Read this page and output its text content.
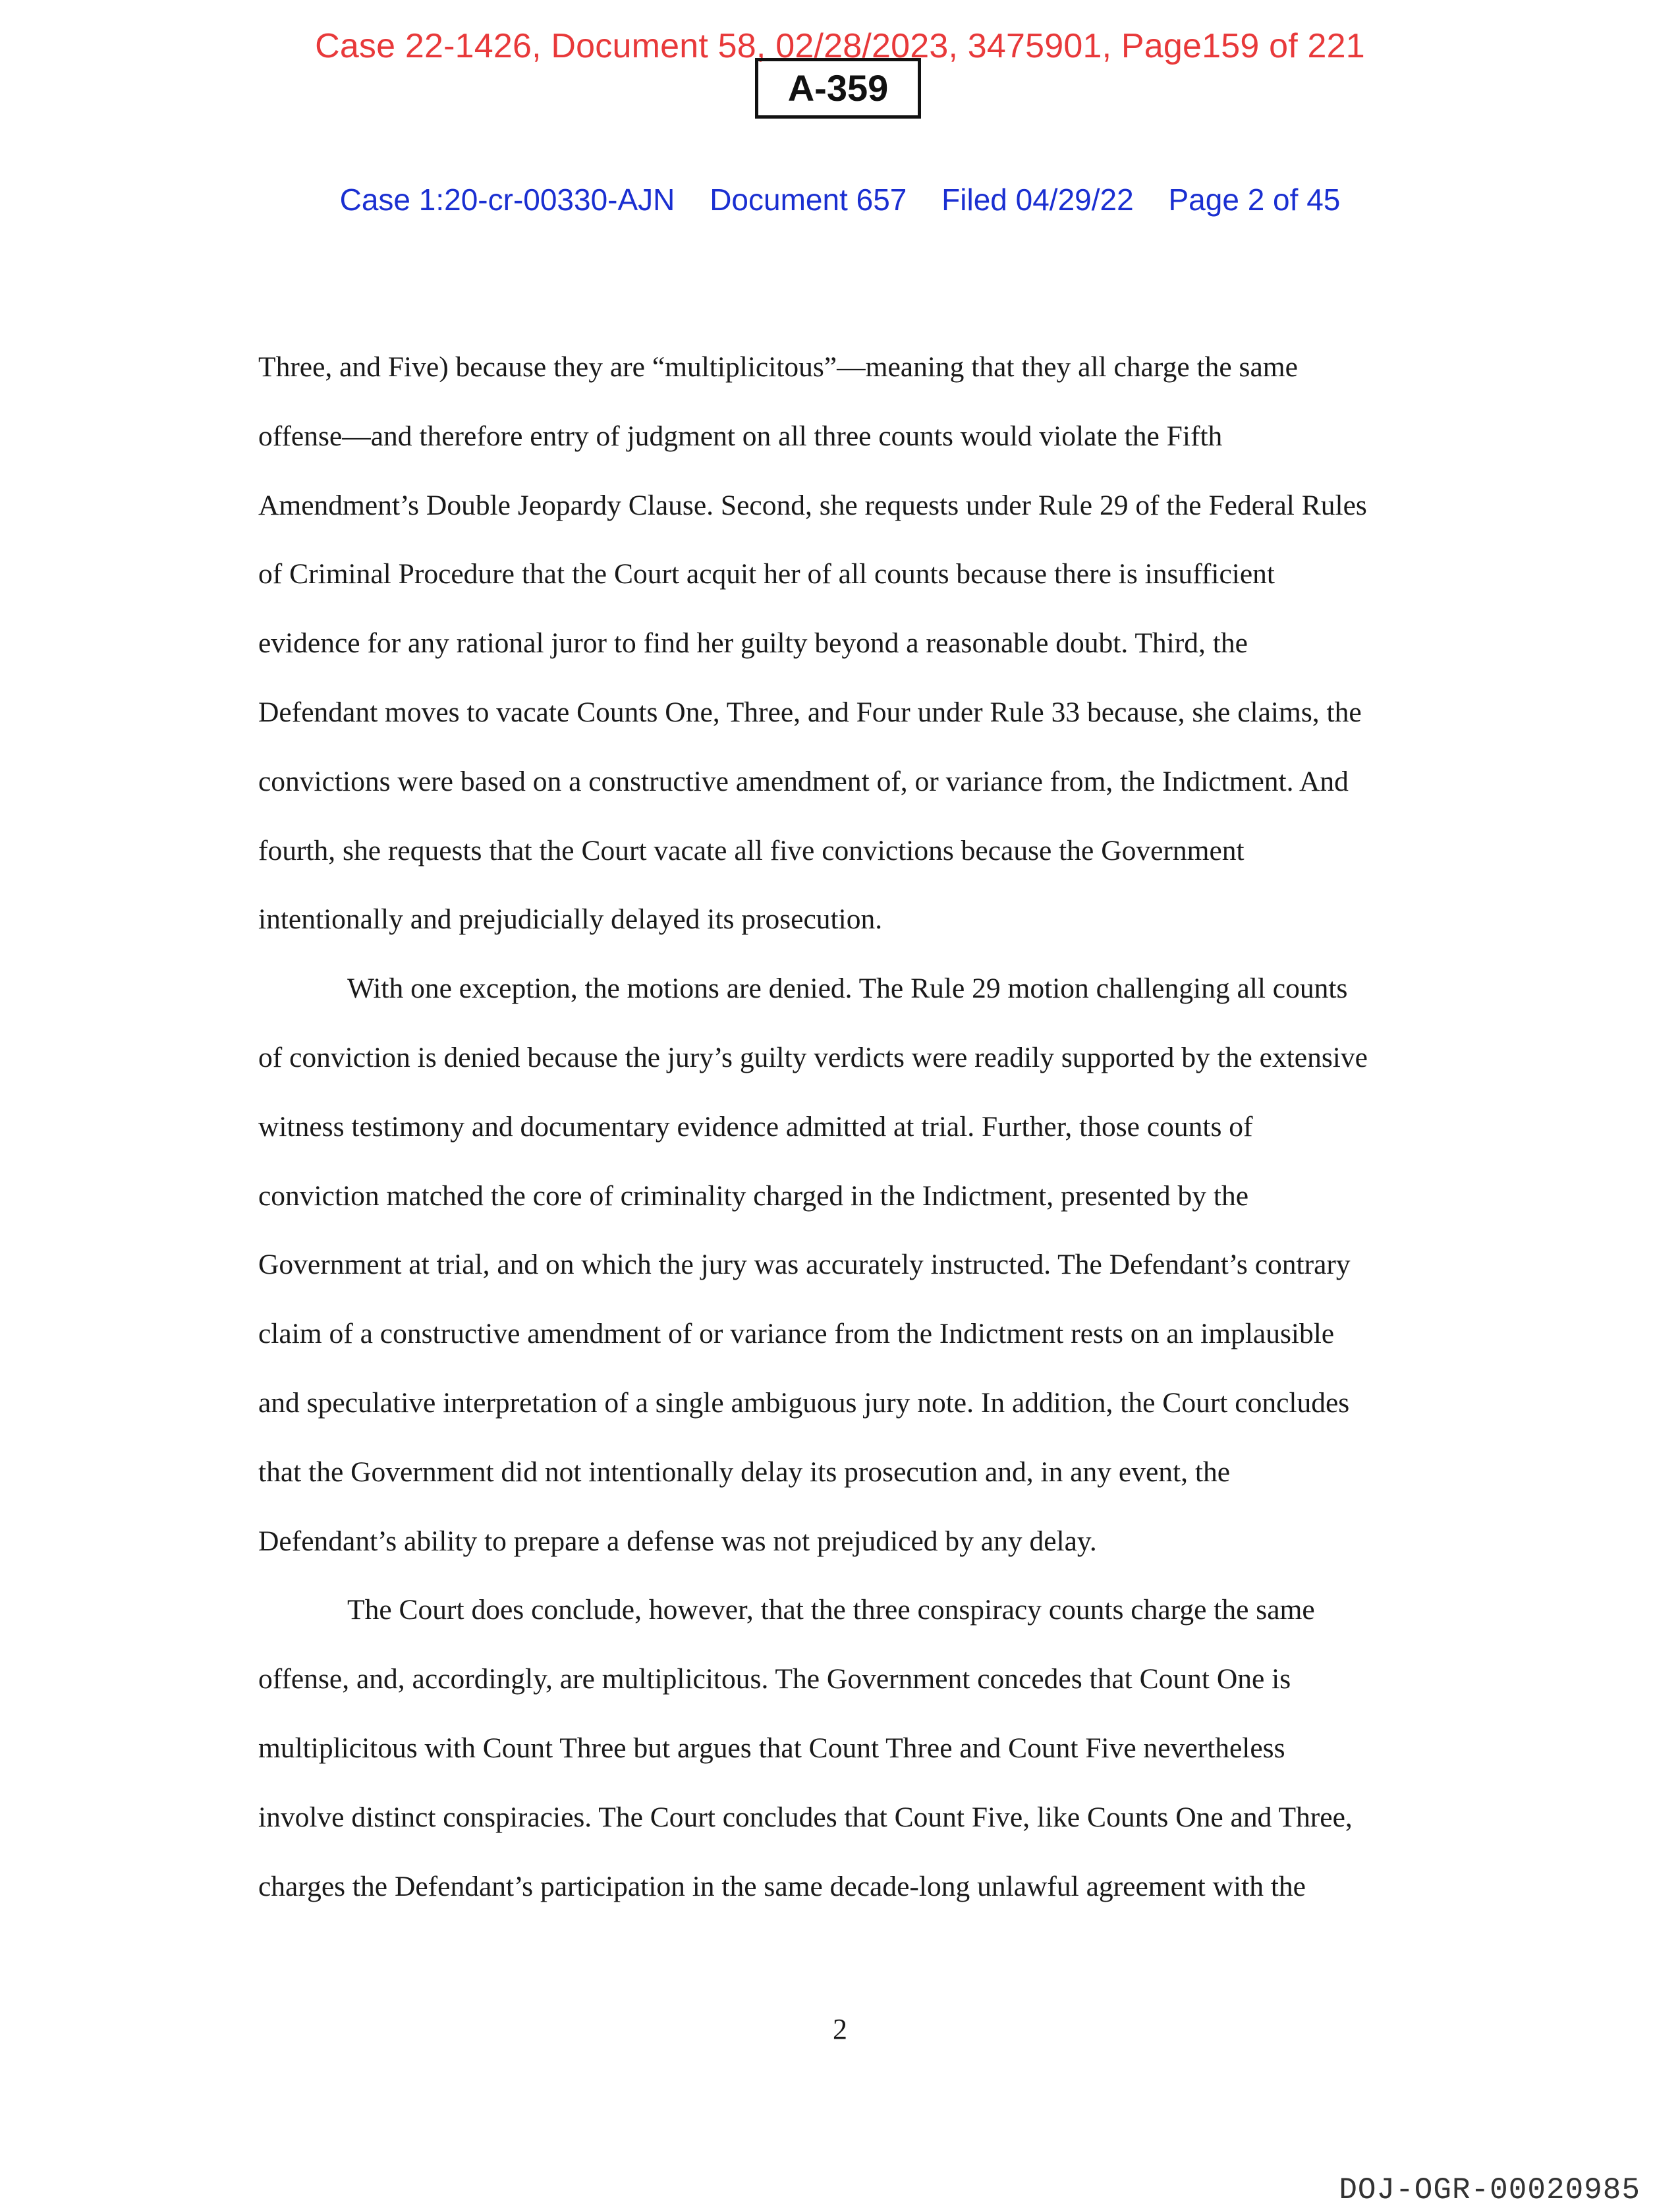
Case 22-1426, Document 58, 02/28/2023, 3475901, Page159 of 221
A-359
Case 1:20-cr-00330-AJN Document 657 Filed 04/29/22 Page 2 of 45

Three, and Five) because they are “multiplicitous”—meaning that they all charge the same
offense—and therefore entry of judgment on all three counts would violate the Fifth
Amendment’s Double Jeopardy Clause. Second, she requests under Rule 29 of the Federal Rules
of Criminal Procedure that the Court acquit her of all counts because there is insufficient
evidence for any rational juror to find her guilty beyond a reasonable doubt. Third, the
Defendant moves to vacate Counts One, Three, and Four under Rule 33 because, she claims, the
convictions were based on a constructive amendment of, or variance from, the Indictment. And
fourth, she requests that the Court vacate all five convictions because the Government
intentionally and prejudicially delayed its prosecution.

With one exception, the motions are denied. The Rule 29 motion challenging all counts
of conviction is denied because the jury’s guilty verdicts were readily supported by the extensive
witness testimony and documentary evidence admitted at trial. Further, those counts of
conviction matched the core of criminality charged in the Indictment, presented by the
Government at trial, and on which the jury was accurately instructed. The Defendant’s contrary
claim of a constructive amendment of or variance from the Indictment rests on an implausible
and speculative interpretation of a single ambiguous jury note. In addition, the Court concludes
that the Government did not intentionally delay its prosecution and, in any event, the
Defendant’s ability to prepare a defense was not prejudiced by any delay.

The Court does conclude, however, that the three conspiracy counts charge the same
offense, and, accordingly, are multiplicitous. The Government concedes that Count One is
multiplicitous with Count Three but argues that Count Three and Count Five nevertheless
involve distinct conspiracies. The Court concludes that Count Five, like Counts One and Three,
charges the Defendant’s participation in the same decade-long unlawful agreement with the

2
DOJ-OGR-00020985
